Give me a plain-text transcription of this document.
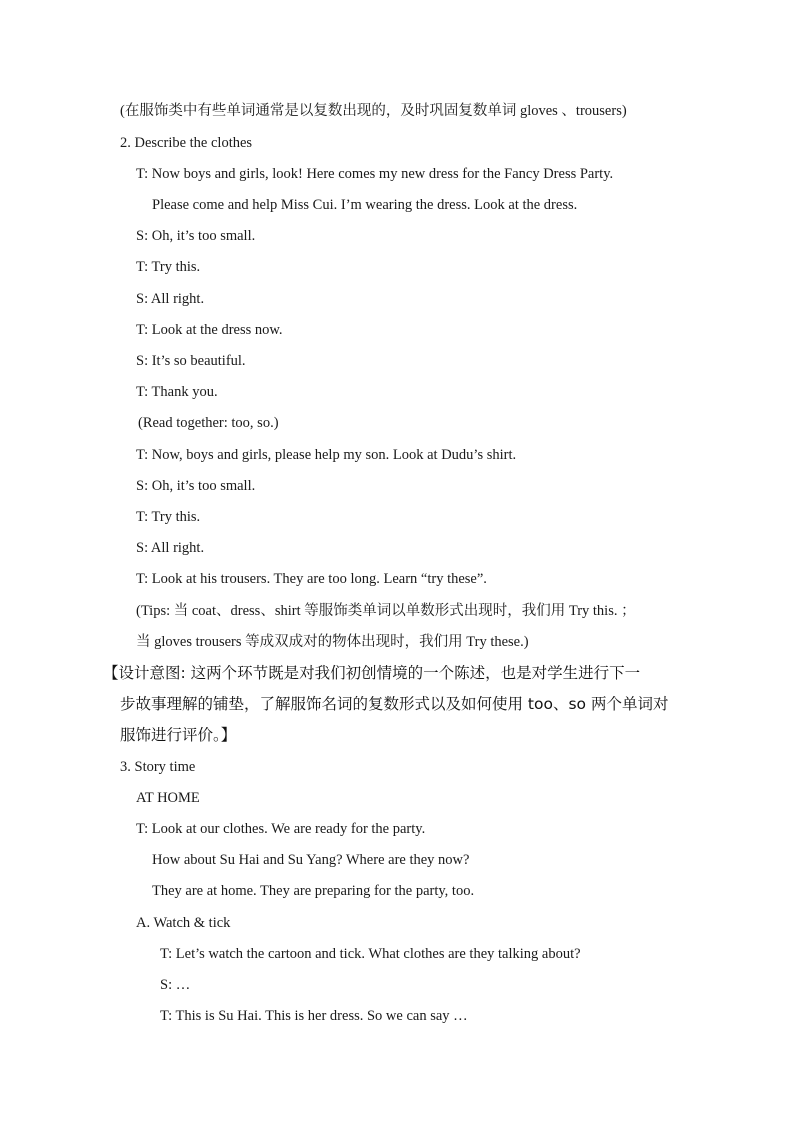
(在服饰类中有些单词通常是以复数出现的，及时巩固复数单词 gloves 、trousers)
2. Describe the clothes
T: Now boys and girls, look! Here comes my new dress for the Fancy Dress Party.
Please come and help Miss Cui. I’m wearing the dress. Look at the dress.
S: Oh, it’s too small.
T: Try this.
S: All right.
T: Look at the dress now.
S: It’s so beautiful.
T: Thank you.
(Read together: too, so.)
T: Now, boys and girls, please help my son. Look at Dudu’s shirt.
S: Oh, it’s too small.
T: Try this.
S: All right.
T: Look at his trousers. They are too long. Learn “try these”.
(Tips: 当 coat、dress、shirt 等服饰类单词以单数形式出现时，我们用 Try this. ；
当 gloves trousers 等成双成对的物体出现时，我们用 Try these.)
【设计意图: 这两个环节既是对我们初创情境的一个陈述，也是对学生进行下一
步故事理解的铺垫，了解服饰名词的复数形式以及如何使用 too、so 两个单词对
服饰进行评价。】
3. Story time
AT HOME
T: Look at our clothes. We are ready for the party.
How about Su Hai and Su Yang? Where are they now?
They are at home. They are preparing for the party, too.
A. Watch & tick
T: Let’s watch the cartoon and tick. What clothes are they talking about?
S: …
T: This is Su Hai. This is her dress. So we can say …
